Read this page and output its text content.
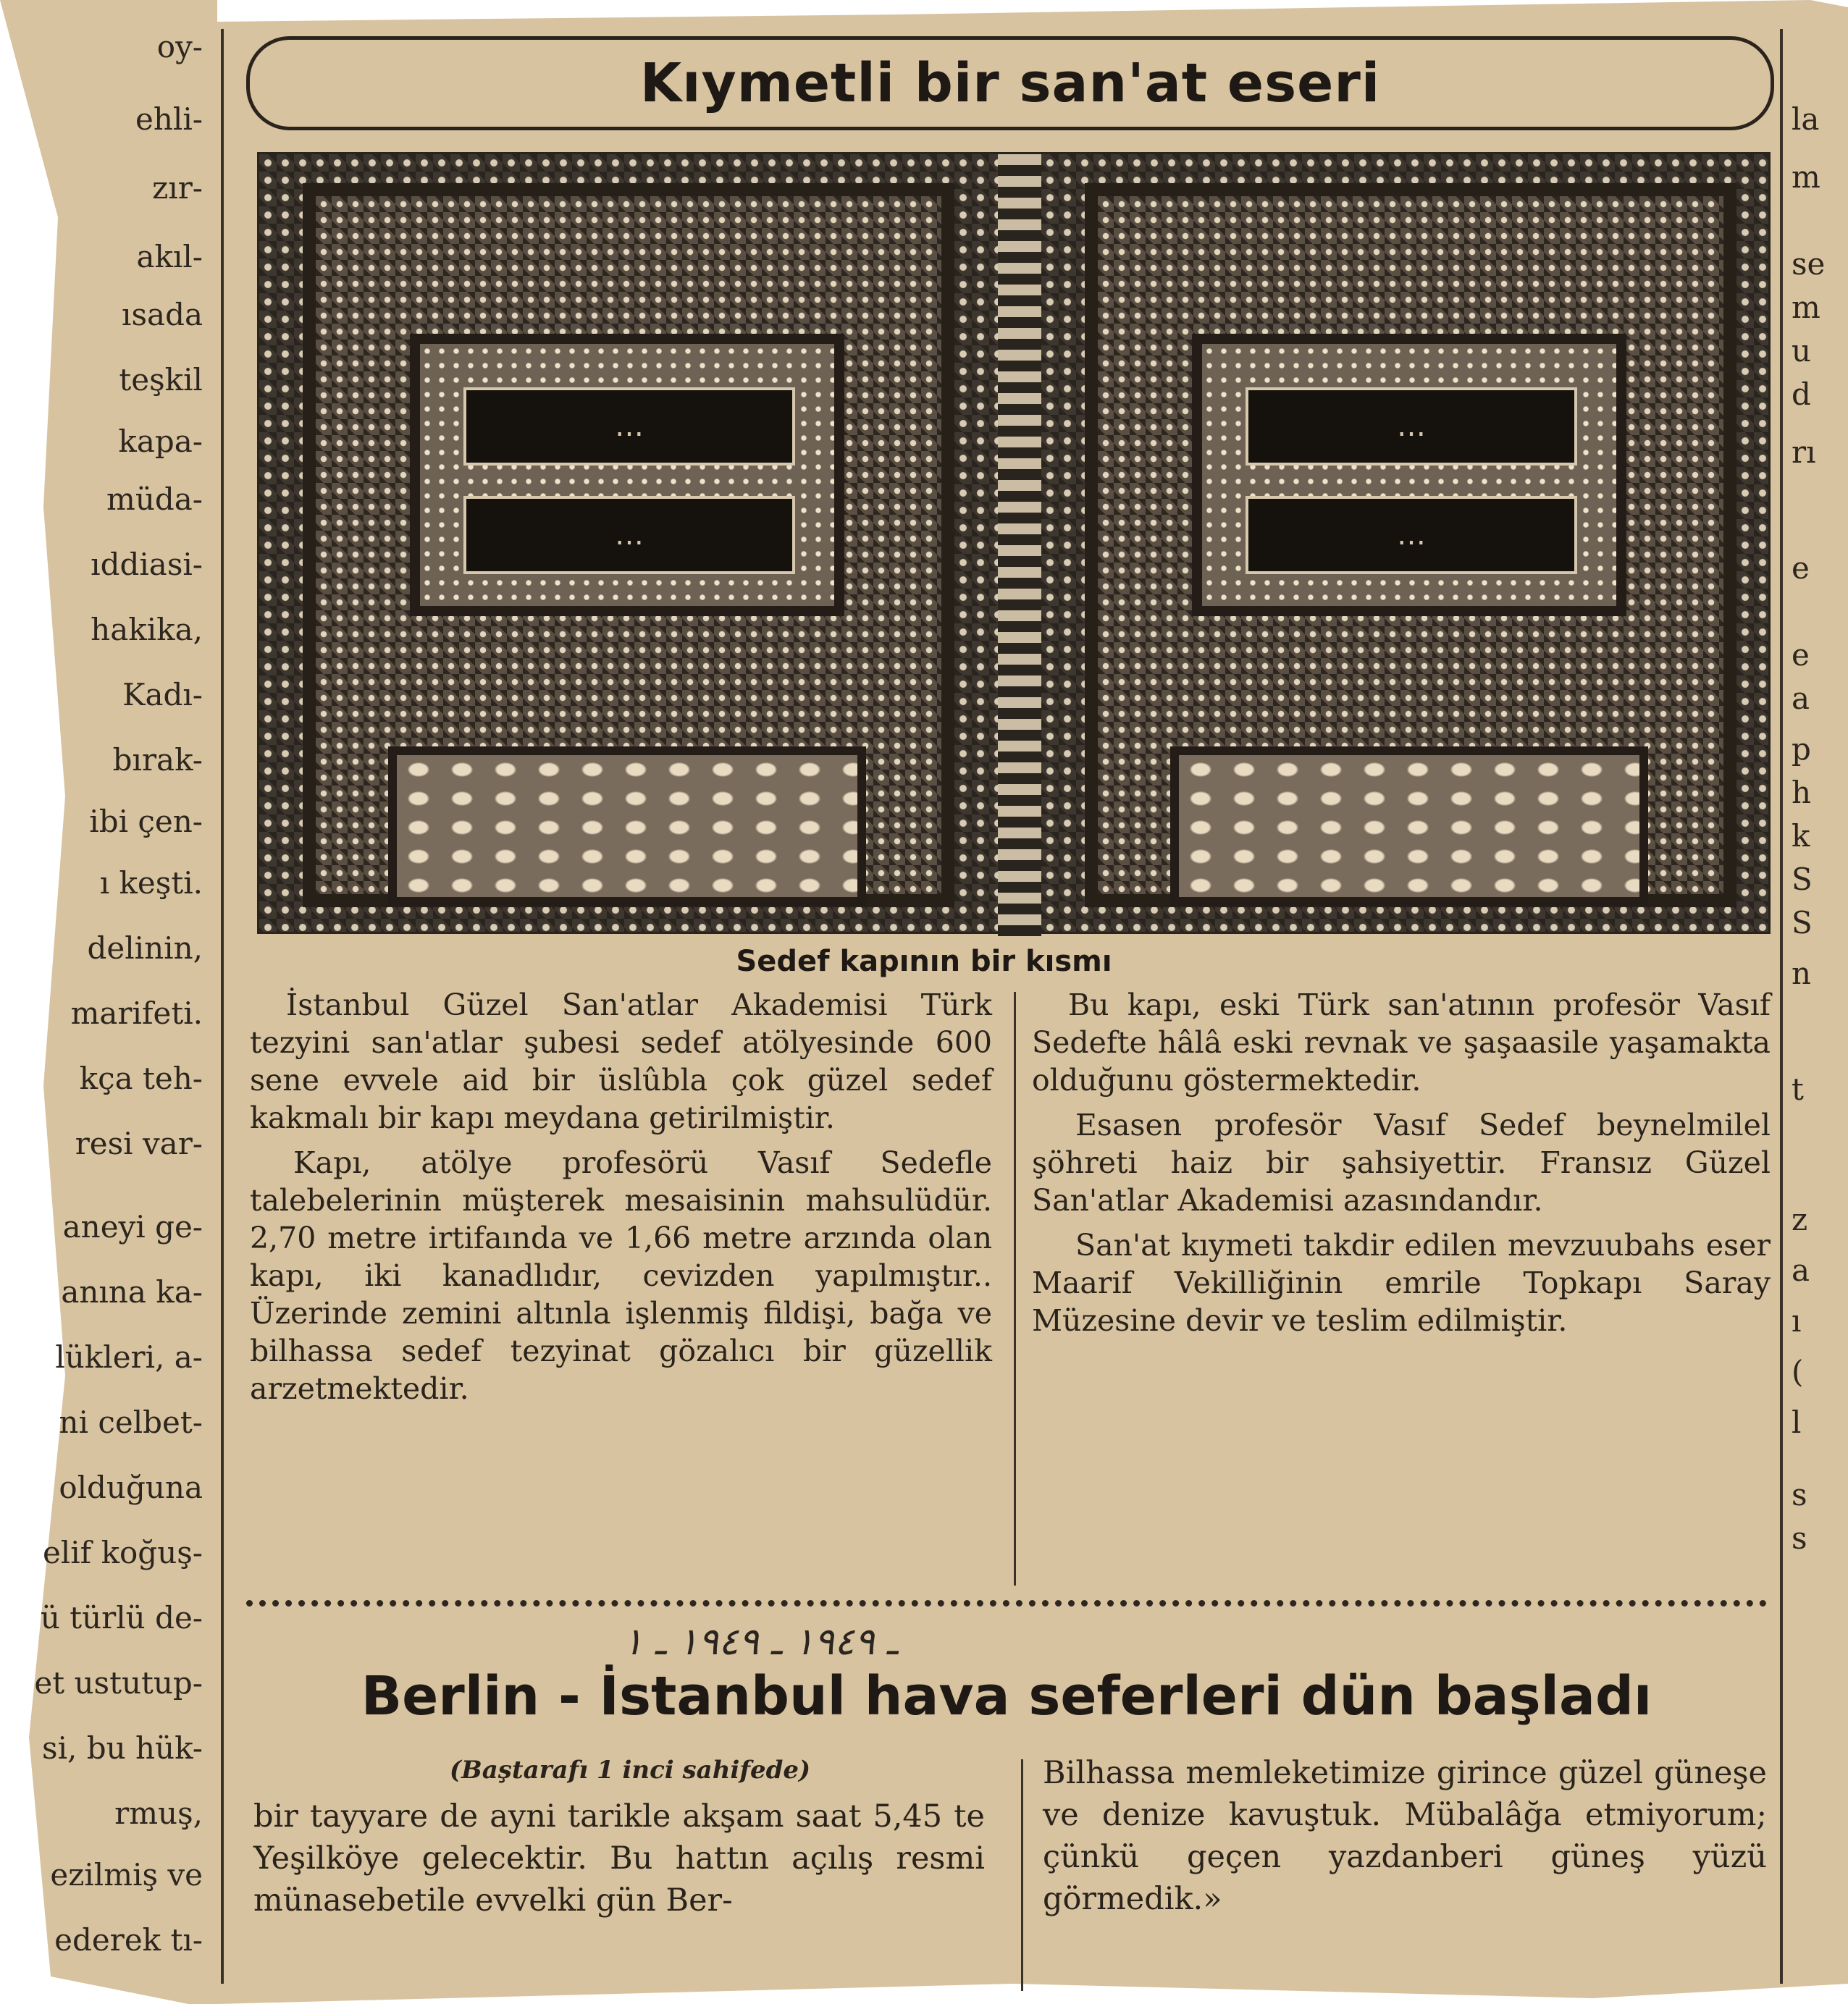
oy-
ehli-
zır-
akıl-
ısada
teşkil
kapa-
müda-
ıddiasi-
hakika,
Kadı-
bırak-
ibi çen-
ı keşti.
delinin,
marifeti.
kça teh-
resi var-
aneyi ge-
anına ka-
lükleri, a-
ni celbet-
olduğuna
elif koğuş-
ü türlü de-
et ustutup-
si, bu hük-
rmuş,
ezilmiş ve
ederek tı-
la
m
se
m
u
d
rı
e
e
a
p
h
k
S
S
n
t
z
a
ı
(
l
s
s
Kıymetli bir san'at eseri
…
…
…
…
Sedef kapının bir kısmı

İstanbul Güzel San'atlar Akademisi Türk tezyini san'atlar şubesi sedef atölyesinde 600 sene evvele aid bir üslûbla çok güzel sedef kakmalı bir kapı meydana getirilmiştir.

Kapı, atölye profesörü Vasıf Sedefle talebelerinin müşterek mesaisinin mahsulüdür. 2,70 metre irtifaında ve 1,66 metre arzında olan kapı, iki kanadlıdır, cevizden yapılmıştır.. Üzerinde zemini altınla işlenmiş fildişi, bağa ve bilhassa sedef tezyinat gözalıcı bir güzellik arzetmektedir.

Bu kapı, eski Türk san'atının profesör Vasıf Sedefte hâlâ eski revnak ve şaşaasile yaşamakta olduğunu göstermektedir.

Esasen profesör Vasıf Sedef beynelmilel şöhreti haiz bir şahsiyettir. Fransız Güzel San'atlar Akademisi azasındandır.

San'at kıymeti takdir edilen mevzuubahs eser Maarif Vekilliğinin emrile Topkapı Saray Müzesine devir ve teslim edilmiştir.

ـ ١٩٤٩ ـ ١٩٤٩ ـ ١
Berlin - İstanbul hava seferleri dün başladı
(Baştarafı 1 inci sahifede)
bir tayyare de ayni tarikle akşam saat 5,45 te Yeşilköye gelecektir. Bu hattın açılış resmi münasebetile evvelki gün Ber-
Bilhassa memleketimize girince güzel güneşe ve denize kavuştuk. Mübalâğa etmiyorum; çünkü geçen yazdanberi güneş yüzü görmedik.»
